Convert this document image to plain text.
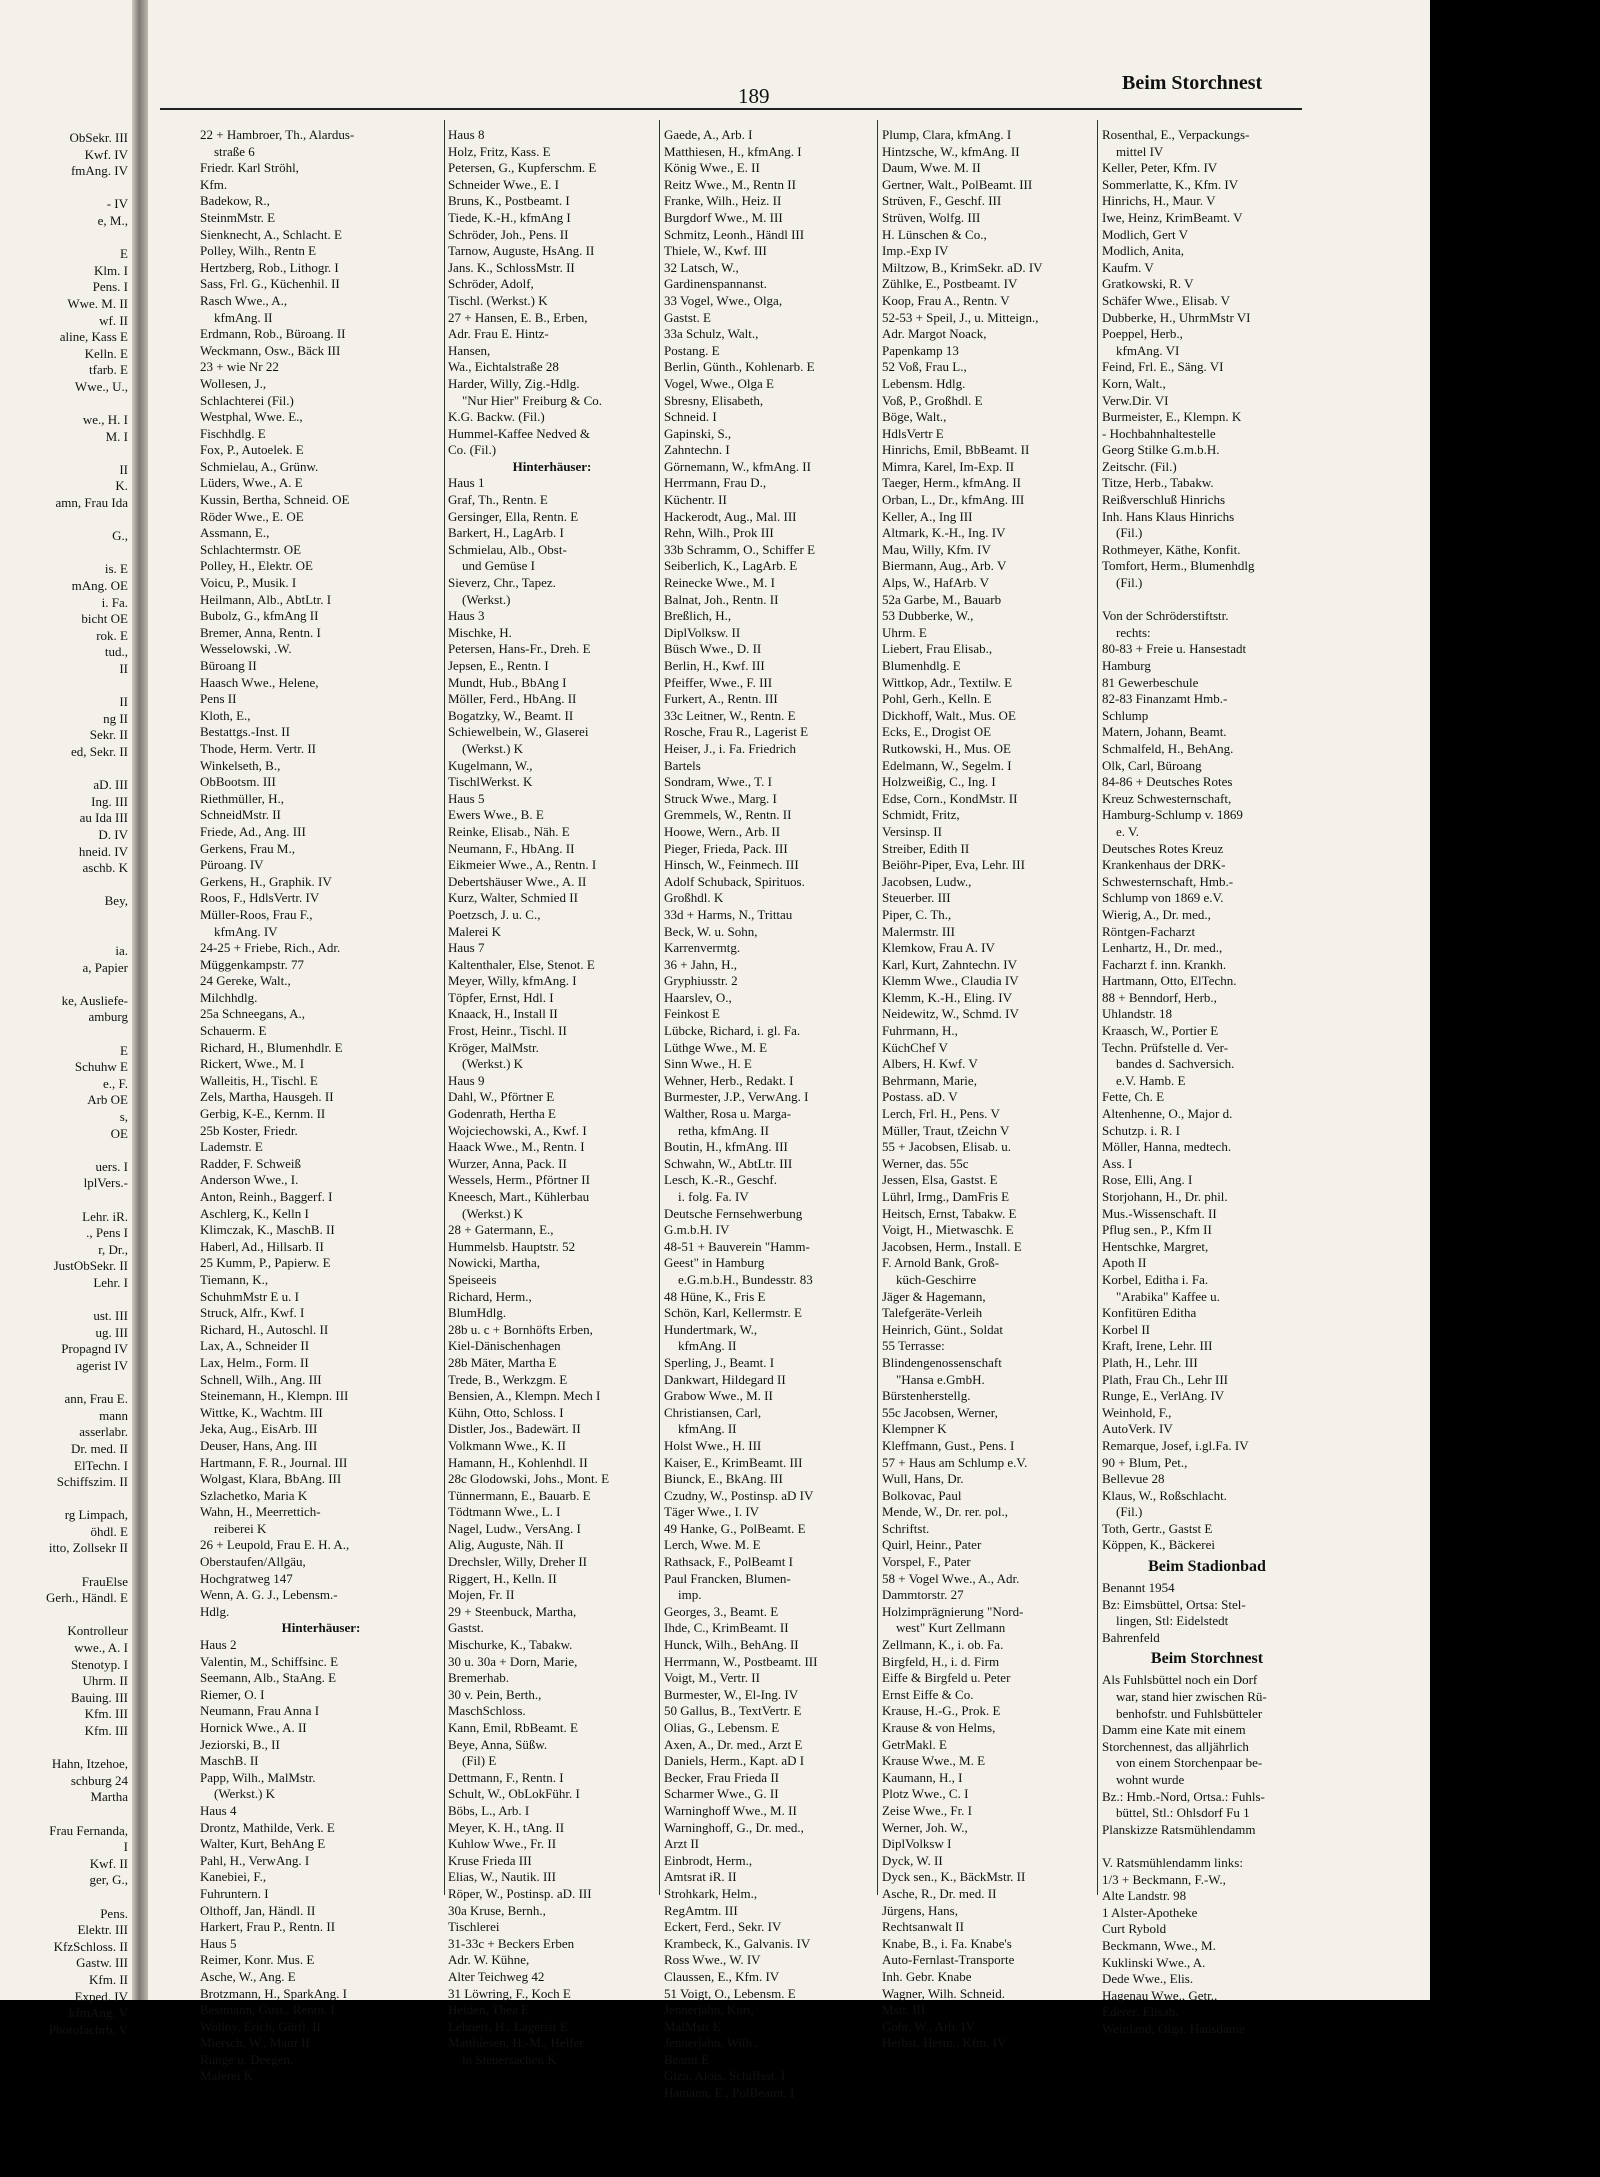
ObSekr. III
Kwf. IV
fmAng. IV

- IV
e, M.,

E
Klm. I
Pens. I
Wwe. M. II
wf. II
aline, Kass E
Kelln. E
tfarb. E
Wwe., U.,

we., H. I
M. I

II
K.
amn, Frau Ida

G.,

is. E
mAng. OE
i. Fa.
bicht OE
rok. E
tud.,
II

II
ng II
Sekr. II
ed, Sekr. II

aD. III
Ing. III
au Ida III
D. IV
hneid. IV
aschb. K

Bey,

ia.
a, Papier

ke, Ausliefe-
amburg

E
Schuhw E
e., F.
Arb OE
s,
OE

uers. I
lplVers.-

Lehr. iR.
., Pens I
r, Dr.,
JustObSekr. II
Lehr. I

ust. III
ug. III
Propagnd IV
agerist IV

ann, Frau E.
mann
asserlabr.
Dr. med. II
ElTechn. I
Schiffszim. II

rg Limpach,
öhdl. E
itto, Zollsekr II

FrauElse
Gerh., Händl. E

Kontrolleur
wwe., A. I
Stenotyp. I
Uhrm. II
Bauing. III
Kfm. III
Kfm. III

Hahn, Itzehoe,
schburg 24
Martha

Frau Fernanda,
I
Kwf. II
ger, G.,

Pens.
Elektr. III
KfzSchloss. II
Gastw. III
Kfm. II
Exped. IV
kfmAng. V
Photofachrb. V
189
Beim Storchnest
22 + Hambroer, Th., Alardus-
straße 6
Friedr. Karl Ströhl,
Kfm.
Badekow, R.,
SteinmMstr. E
Sienknecht, A., Schlacht. E
Polley, Wilh., Rentn E
Hertzberg, Rob., Lithogr. I
Sass, Frl. G., Küchenhil. II
Rasch Wwe., A.,
kfmAng. II
Erdmann, Rob., Büroang. II
Weckmann, Osw., Bäck III
23 + wie Nr 22
Wollesen, J.,
Schlachterei (Fil.)
Westphal, Wwe. E.,
Fischhdlg. E
Fox, P., Autoelek. E
Schmielau, A., Grünw.
Lüders, Wwe., A. E
Kussin, Bertha, Schneid. OE
Röder Wwe., E. OE
Assmann, E.,
Schlachtermstr. OE
Polley, H., Elektr. OE
Voicu, P., Musik. I
Heilmann, Alb., AbtLtr. I
Bubolz, G., kfmAng II
Bremer, Anna, Rentn. I
Wesselowski, .W.
Büroang II
Haasch Wwe., Helene,
Pens II
Kloth, E.,
Bestattgs.-Inst. II
Thode, Herm. Vertr. II
Winkelseth, B.,
ObBootsm. III
Riethmüller, H.,
SchneidMstr. II
Friede, Ad., Ang. III
Gerkens, Frau M.,
Püroang. IV
Gerkens, H., Graphik. IV
Roos, F., HdlsVertr. IV
Müller-Roos, Frau F.,
kfmAng. IV
24-25 + Friebe, Rich., Adr.
Müggenkampstr. 77
24 Gereke, Walt.,
Milchhdlg.
25a Schneegans, A.,
Schauerm. E
Richard, H., Blumenhdlr. E
Rickert, Wwe., M. I
Walleitis, H., Tischl. E
Zels, Martha, Hausgeh. II
Gerbig, K-E., Kernm. II
25b Koster, Friedr.
Lademstr. E
Radder, F. Schweiß
Anderson Wwe., I.
Anton, Reinh., Baggerf. I
Aschlerg, K., Kelln I
Klimczak, K., MaschB. II
Haberl, Ad., Hillsarb. II
25 Kumm, P., Papierw. E
Tiemann, K.,
SchuhmMstr E u. I
Struck, Alfr., Kwf. I
Richard, H., Autoschl. II
Lax, A., Schneider II
Lax, Helm., Form. II
Schnell, Wilh., Ang. III
Steinemann, H., Klempn. III
Wittke, K., Wachtm. III
Jeka, Aug., EisArb. III
Deuser, Hans, Ang. III
Hartmann, F. R., Journal. III
Wolgast, Klara, BbAng. III
Szlachetko, Maria K
Wahn, H., Meerrettich-
reiberei K
26 + Leupold, Frau E. H. A.,
Oberstaufen/Allgäu,
Hochgratweg 147
Wenn, A. G. J., Lebensm.-
Hdlg.
Hinterhäuser:
Haus 2
Valentin, M., Schiffsinc. E
Seemann, Alb., StaAng. E
Riemer, O. I
Neumann, Frau Anna I
Hornick Wwe., A. II
Jeziorski, B., II
MaschB. II
Papp, Wilh., MalMstr.
(Werkst.) K
Haus 4
Drontz, Mathilde, Verk. E
Walter, Kurt, BehAng E
Pahl, H., VerwAng. I
Kanebiei, F.,
Fuhruntern. I
Olthoff, Jan, Händl. II
Harkert, Frau P., Rentn. II
Haus 5
Reimer, Konr. Mus. E
Asche, W., Ang. E
Brotzmann, H., SparkAng. I
Bestmann, Gust., Rentn. I
Wollny, Erich, Gürtl. II
Miersch, W., Maur II
Runge u. Deegen,
Malerei K
Haus 8
Holz, Fritz, Kass. E
Petersen, G., Kupferschm. E
Schneider Wwe., E. I
Bruns, K., Postbeamt. I
Tiede, K.-H., kfmAng I
Schröder, Joh., Pens. II
Tarnow, Auguste, HsAng. II
Jans. K., SchlossMstr. II
Schröder, Adolf,
Tischl. (Werkst.) K
27 + Hansen, E. B., Erben,
Adr. Frau E. Hintz-
Hansen,
Wa., Eichtalstraße 28
Harder, Willy, Zig.-Hdlg.
"Nur Hier" Freiburg & Co.
K.G. Backw. (Fil.)
Hummel-Kaffee Nedved &
Co. (Fil.)
Hinterhäuser:
Haus 1
Graf, Th., Rentn. E
Gersinger, Ella, Rentn. E
Barkert, H., LagArb. I
Schmielau, Alb., Obst-
und Gemüse I
Sieverz, Chr., Tapez.
(Werkst.)
Haus 3
Mischke, H.
Petersen, Hans-Fr., Dreh. E
Jepsen, E., Rentn. I
Mundt, Hub., BbAng I
Möller, Ferd., HbAng. II
Bogatzky, W., Beamt. II
Schiewelbein, W., Glaserei
(Werkst.) K
Kugelmann, W.,
TischlWerkst. K
Haus 5
Ewers Wwe., B. E
Reinke, Elisab., Näh. E
Neumann, F., HbAng. II
Eikmeier Wwe., A., Rentn. I
Debertshäuser Wwe., A. II
Kurz, Walter, Schmied II
Poetzsch, J. u. C.,
Malerei K
Haus 7
Kaltenthaler, Else, Stenot. E
Meyer, Willy, kfmAng. I
Töpfer, Ernst, Hdl. I
Knaack, H., Install II
Frost, Heinr., Tischl. II
Kröger, MalMstr.
(Werkst.) K
Haus 9
Dahl, W., Pförtner E
Godenrath, Hertha E
Wojciechowski, A., Kwf. I
Haack Wwe., M., Rentn. I
Wurzer, Anna, Pack. II
Wessels, Herm., Pförtner II
Kneesch, Mart., Kühlerbau
(Werkst.) K
28 + Gatermann, E.,
Hummelsb. Hauptstr. 52
Nowicki, Martha,
Speiseeis
Richard, Herm.,
BlumHdlg.
28b u. c + Bornhöfts Erben,
Kiel-Dänischenhagen
28b Mäter, Martha E
Trede, B., Werkzgm. E
Bensien, A., Klempn. Mech I
Kühn, Otto, Schloss. I
Distler, Jos., Badewärt. II
Volkmann Wwe., K. II
Hamann, H., Kohlenhdl. II
28c Glodowski, Johs., Mont. E
Tünnermann, E., Bauarb. E
Tödtmann Wwe., L. I
Nagel, Ludw., VersAng. I
Alig, Auguste, Näh. II
Drechsler, Willy, Dreher II
Riggert, H., Kelln. II
Mojen, Fr. II
29 + Steenbuck, Martha,
Gastst.
Mischurke, K., Tabakw.
30 u. 30a + Dorn, Marie,
Bremerhab.
30 v. Pein, Berth.,
MaschSchloss.
Kann, Emil, RbBeamt. E
Beye, Anna, Süßw.
(Fil) E
Dettmann, F., Rentn. I
Schult, W., ObLokFühr. I
Böbs, L., Arb. I
Meyer, K. H., tAng. II
Kuhlow Wwe., Fr. II
Kruse Frieda III
Elias, W., Nautik. III
Röper, W., Postinsp. aD. III
30a Kruse, Bernh.,
Tischlerei
31-33c + Beckers Erben
Adr. W. Kühne,
Alter Teichweg 42
31 Löwring, F., Koch E
Heiden, Thea E
Lehnert, H., Lagerist E
Matthiesen, H.-M., Helfer
in Steuersachen K
Gaede, A., Arb. I
Matthiesen, H., kfmAng. I
König Wwe., E. II
Reitz Wwe., M., Rentn II
Franke, Wilh., Heiz. II
Burgdorf Wwe., M. III
Schmitz, Leonh., Händl III
Thiele, W., Kwf. III
32 Latsch, W.,
Gardinenspannanst.
33 Vogel, Wwe., Olga,
Gastst. E
33a Schulz, Walt.,
Postang. E
Berlin, Günth., Kohlenarb. E
Vogel, Wwe., Olga E
Sbresny, Elisabeth,
Schneid. I
Gapinski, S.,
Zahntechn. I
Görnemann, W., kfmAng. II
Herrmann, Frau D.,
Küchentr. II
Hackerodt, Aug., Mal. III
Rehn, Wilh., Prok III
33b Schramm, O., Schiffer E
Seiberlich, K., LagArb. E
Reinecke Wwe., M. I
Balnat, Joh., Rentn. II
Breßlich, H.,
DiplVolksw. II
Büsch Wwe., D. II
Berlin, H., Kwf. III
Pfeiffer, Wwe., F. III
Furkert, A., Rentn. III
33c Leitner, W., Rentn. E
Rosche, Frau R., Lagerist E
Heiser, J., i. Fa. Friedrich
Bartels
Sondram, Wwe., T. I
Struck Wwe., Marg. I
Gremmels, W., Rentn. II
Hoowe, Wern., Arb. II
Pieger, Frieda, Pack. III
Hinsch, W., Feinmech. III
Adolf Schuback, Spirituos.
Großhdl. K
33d + Harms, N., Trittau
Beck, W. u. Sohn,
Karrenvermtg.
36 + Jahn, H.,
Gryphiusstr. 2
Haarslev, O.,
Feinkost E
Lübcke, Richard, i. gl. Fa.
Lüthge Wwe., M. E
Sinn Wwe., H. E
Wehner, Herb., Redakt. I
Burmester, J.P., VerwAng. I
Walther, Rosa u. Marga-
retha, kfmAng. II
Boutin, H., kfmAng. III
Schwahn, W., AbtLtr. III
Lesch, K.-R., Geschf.
i. folg. Fa. IV
Deutsche Fernsehwerbung
G.m.b.H. IV
48-51 + Bauverein "Hamm-
Geest" in Hamburg
e.G.m.b.H., Bundesstr. 83
48 Hüne, K., Fris E
Schön, Karl, Kellermstr. E
Hundertmark, W.,
kfmAng. II
Sperling, J., Beamt. I
Dankwart, Hildegard II
Grabow Wwe., M. II
Christiansen, Carl,
kfmAng. II
Holst Wwe., H. III
Kaiser, E., KrimBeamt. III
Biunck, E., BkAng. III
Czudny, W., Postinsp. aD IV
Täger Wwe., I. IV
49 Hanke, G., PolBeamt. E
Lerch, Wwe. M. E
Rathsack, F., PolBeamt I
Paul Francken, Blumen-
imp.
Georges, 3., Beamt. E
Ihde, C., KrimBeamt. II
Hunck, Wilh., BehAng. II
Herrmann, W., Postbeamt. III
Voigt, M., Vertr. II
Burmester, W., El-Ing. IV
50 Gallus, B., TextVertr. E
Olias, G., Lebensm. E
Axen, A., Dr. med., Arzt E
Daniels, Herm., Kapt. aD I
Becker, Frau Frieda II
Scharmer Wwe., G. II
Warninghoff Wwe., M. II
Warninghoff, G., Dr. med.,
Arzt II
Einbrodt, Herm.,
Amtsrat iR. II
Strohkark, Helm.,
RegAmtm. III
Eckert, Ferd., Sekr. IV
Krambeck, K., Galvanis. IV
Ross Wwe., W. IV
Claussen, E., Kfm. IV
51 Voigt, O., Lebensm. E
Jennerjahn, Kurt,
MalMstr E
Jennerjahn, Wilh.,
Beamt E
Giza, Alois, Schiffsst. I
Hamann, E., PolBeamt. I
Plump, Clara, kfmAng. I
Hintzsche, W., kfmAng. II
Daum, Wwe. M. II
Gertner, Walt., PolBeamt. III
Strüven, F., Geschf. III
Strüven, Wolfg. III
H. Lünschen & Co.,
Imp.-Exp IV
Miltzow, B., KrimSekr. aD. IV
Zühlke, E., Postbeamt. IV
Koop, Frau A., Rentn. V
52-53 + Speil, J., u. Mitteign.,
Adr. Margot Noack,
Papenkamp 13
52 Voß, Frau L.,
Lebensm. Hdlg.
Voß, P., Großhdl. E
Böge, Walt.,
HdlsVertr E
Hinrichs, Emil, BbBeamt. II
Mimra, Karel, Im-Exp. II
Taeger, Herm., kfmAng. II
Orban, L., Dr., kfmAng. III
Keller, A., Ing III
Altmark, K.-H., Ing. IV
Mau, Willy, Kfm. IV
Biermann, Aug., Arb. V
Alps, W., HafArb. V
52a Garbe, M., Bauarb
53 Dubberke, W.,
Uhrm. E
Liebert, Frau Elisab.,
Blumenhdlg. E
Wittkop, Adr., Textilw. E
Pohl, Gerh., Kelln. E
Dickhoff, Walt., Mus. OE
Ecks, E., Drogist OE
Rutkowski, H., Mus. OE
Edelmann, W., Segelm. I
Holzweißig, C., Ing. I
Edse, Corn., KondMstr. II
Schmidt, Fritz,
Versinsp. II
Streiber, Edith II
Beiöhr-Piper, Eva, Lehr. III
Jacobsen, Ludw.,
Steuerber. III
Piper, C. Th.,
Malermstr. III
Klemkow, Frau A. IV
Karl, Kurt, Zahntechn. IV
Klemm Wwe., Claudia IV
Klemm, K.-H., Eling. IV
Neidewitz, W., Schmd. IV
Fuhrmann, H.,
KüchChef V
Albers, H. Kwf. V
Behrmann, Marie,
Postass. aD. V
Lerch, Frl. H., Pens. V
Müller, Traut, tZeichn V
55 + Jacobsen, Elisab. u.
Werner, das. 55c
Jessen, Elsa, Gastst. E
Lührl, Irmg., DamFris E
Heitsch, Ernst, Tabakw. E
Voigt, H., Mietwaschk. E
Jacobsen, Herm., Install. E
F. Arnold Bank, Groß-
küch-Geschirre
Jäger & Hagemann,
Talefgeräte-Verleih
Heinrich, Günt., Soldat
55 Terrasse:
Blindengenossenschaft
"Hansa e.GmbH.
Bürstenherstellg.
55c Jacobsen, Werner,
Klempner K
Kleffmann, Gust., Pens. I
57 + Haus am Schlump e.V.
Wull, Hans, Dr.
Bolkovac, Paul
Mende, W., Dr. rer. pol.,
Schriftst.
Quirl, Heinr., Pater
Vorspel, F., Pater
58 + Vogel Wwe., A., Adr.
Dammtorstr. 27
Holzimprägnierung "Nord-
west" Kurt Zellmann
Zellmann, K., i. ob. Fa.
Birgfeld, H., i. d. Firm
Eiffe & Birgfeld u. Peter
Ernst Eiffe & Co.
Krause, H.-G., Prok. E
Krause & von Helms,
GetrMakl. E
Krause Wwe., M. E
Kaumann, H., I
Plotz Wwe., C. I
Zeise Wwe., Fr. I
Werner, Joh. W.,
DiplVolksw I
Dyck, W. II
Dyck sen., K., BäckMstr. II
Asche, R., Dr. med. II
Jürgens, Hans,
Rechtsanwalt II
Knabe, B., i. Fa. Knabe's
Auto-Fernlast-Transporte
Inh. Gebr. Knabe
Wagner, Wilh. Schneid.
Mstr. III
Gohr, W., Arb. IV
Herbst, Herm., Kfm. IV
Rosenthal, E., Verpackungs-
mittel IV
Keller, Peter, Kfm. IV
Sommerlatte, K., Kfm. IV
Hinrichs, H., Maur. V
Iwe, Heinz, KrimBeamt. V
Modlich, Gert V
Modlich, Anita,
Kaufm. V
Gratkowski, R. V
Schäfer Wwe., Elisab. V
Dubberke, H., UhrmMstr VI
Poeppel, Herb.,
kfmAng. VI
Feind, Frl. E., Säng. VI
Korn, Walt.,
Verw.Dir. VI
Burmeister, E., Klempn. K
- Hochbahnhaltestelle
Georg Stilke G.m.b.H.
Zeitschr. (Fil.)
Titze, Herb., Tabakw.
Reißverschluß Hinrichs
Inh. Hans Klaus Hinrichs
(Fil.)
Rothmeyer, Käthe, Konfit.
Tomfort, Herm., Blumenhdlg
(Fil.)

Von der Schröderstiftstr.
rechts:
80-83 + Freie u. Hansestadt
Hamburg
81 Gewerbeschule
82-83 Finanzamt Hmb.-
Schlump
Matern, Johann, Beamt.
Schmalfeld, H., BehAng.
Olk, Carl, Büroang
84-86 + Deutsches Rotes
Kreuz Schwesternschaft,
Hamburg-Schlump v. 1869
e. V.
Deutsches Rotes Kreuz
Krankenhaus der DRK-
Schwesternschaft, Hmb.-
Schlump von 1869 e.V.
Wierig, A., Dr. med.,
Röntgen-Facharzt
Lenhartz, H., Dr. med.,
Facharzt f. inn. Krankh.
Hartmann, Otto, ElTechn.
88 + Benndorf, Herb.,
Uhlandstr. 18
Kraasch, W., Portier E
Techn. Prüfstelle d. Ver-
bandes d. Sachversich.
e.V. Hamb. E
Fette, Ch. E
Altenhenne, O., Major d.
Schutzp. i. R. I
Möller, Hanna, medtech.
Ass. I
Rose, Elli, Ang. I
Storjohann, H., Dr. phil.
Mus.-Wissenschaft. II
Pflug sen., P., Kfm II
Hentschke, Margret,
Apoth II
Korbel, Editha i. Fa.
"Arabika" Kaffee u.
Konfitüren Editha
Korbel II
Kraft, Irene, Lehr. III
Plath, H., Lehr. III
Plath, Frau Ch., Lehr III
Runge, E., VerlAng. IV
Weinhold, F.,
AutoVerk. IV
Remarque, Josef, i.gl.Fa. IV
90 + Blum, Pet.,
Bellevue 28
Klaus, W., Roßschlacht.
(Fil.)
Toth, Gertr., Gastst E
Köppen, K., Bäckerei
Beim Stadionbad
Benannt 1954
Bz: Eimsbüttel, Ortsa: Stel-
lingen, Stl: Eidelstedt
Bahrenfeld
Beim Storchnest
Als Fuhlsbüttel noch ein Dorf
war, stand hier zwischen Rü-
benhofstr. und Fuhlsbütteler
Damm eine Kate mit einem
Storchennest, das alljährlich
von einem Storchenpaar be-
wohnt wurde
Bz.: Hmb.-Nord, Ortsa.: Fuhls-
büttel, Stl.: Ohlsdorf Fu 1
Planskizze Ratsmühlendamm

V. Ratsmühlendamm links:
1/3 + Beckmann, F.-W.,
Alte Landstr. 98
1 Alster-Apotheke
Curt Rybold
Beckmann, Wwe., M.
Kuklinski Wwe., A.
Dede Wwe., Elis.
Hagenau Wwe., Getr.,
Ederer, Elisab.
Weinland, Olga, Hausdame
